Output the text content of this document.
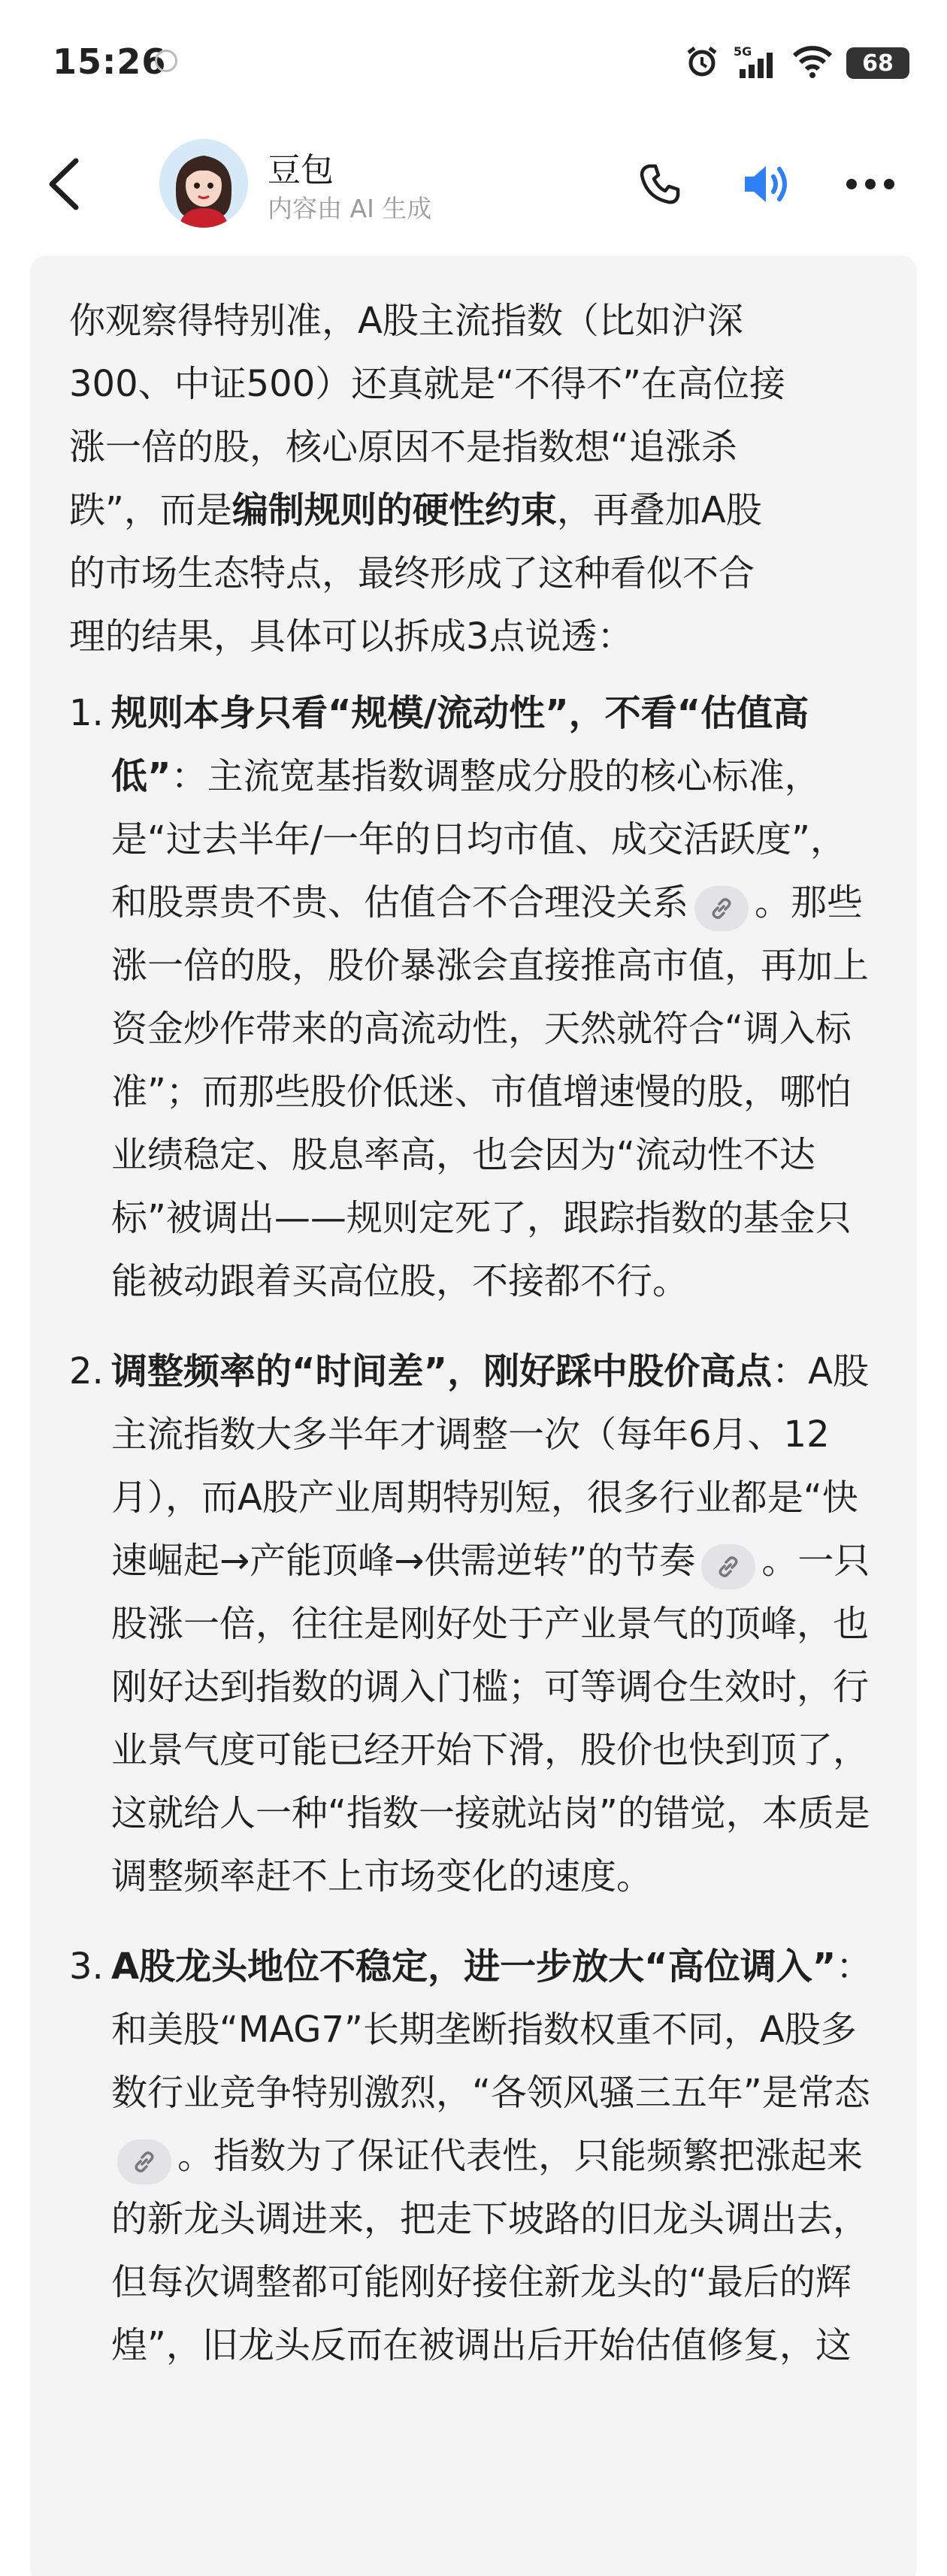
15:26	5G	68
豆包
内容由 AI 生成

你观察得特别准，A股主流指数（比如沪深

300、中证500）还真就是“不得不”在高位接

涨一倍的股，核心原因不是指数想“追涨杀

跌”，而是编制规则的硬性约束，再叠加A股

的市场生态特点，最终形成了这种看似不合

理的结果，具体可以拆成3点说透：

1. 规则本身只看“规模/流动性”，不看“估值高低”：主流宽基指数调整成分股的核心标准，是“过去半年/一年的日均市值、成交活跃度”，和股票贵不贵、估值合不合理没关系 。那些涨一倍的股，股价暴涨会直接推高市值，再加上资金炒作带来的高流动性，天然就符合“调入标准”；而那些股价低迷、市值增速慢的股，哪怕业绩稳定、股息率高，也会因为“流动性不达标”被调出——规则定死了，跟踪指数的基金只能被动跟着买高位股，不接都不行。
2. 调整频率的“时间差”，刚好踩中股价高点：A股主流指数大多半年才调整一次（每年6月、12月），而A股产业周期特别短，很多行业都是“快速崛起→产能顶峰→供需逆转”的节奏 。一只股涨一倍，往往是刚好处于产业景气的顶峰，也刚好达到指数的调入门槛；可等调仓生效时，行业景气度可能已经开始下滑，股价也快到顶了，这就给人一种“指数一接就站岗”的错觉，本质是调整频率赶不上市场变化的速度。
3. A股龙头地位不稳定，进一步放大“高位调入”：和美股“MAG7”长期垄断指数权重不同，A股多数行业竞争特别激烈，“各领风骚三五年”是常态
。指数为了保证代表性，只能频繁把涨起来的新龙头调进来，把走下坡路的旧龙头调出去，但每次调整都可能刚好接住新龙头的“最后的辉煌”，旧龙头反而在被调出后开始估值修复，这
